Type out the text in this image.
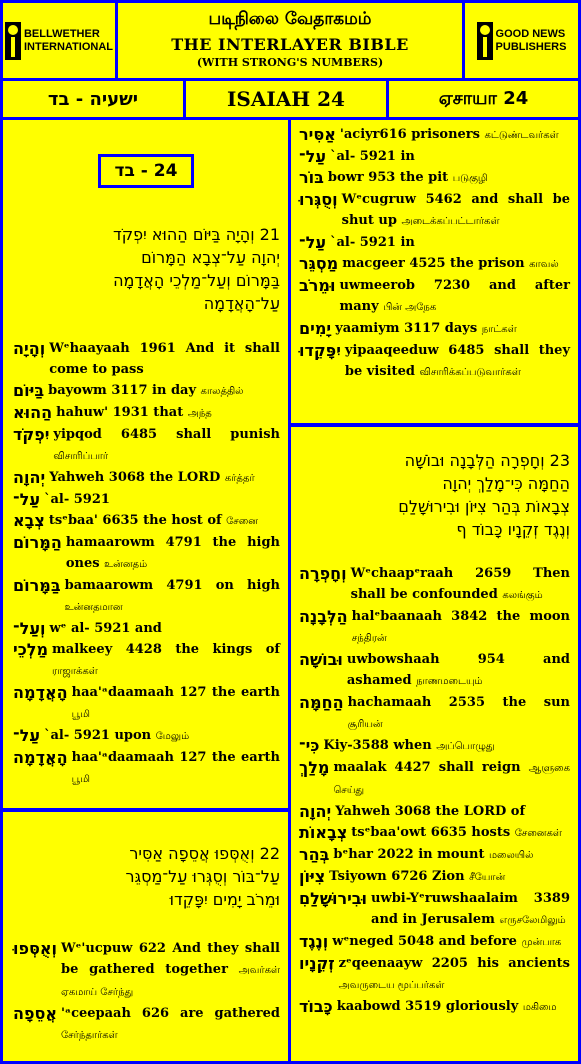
BELLWETHER
INTERNATIONAL
படிநிலை வேதாகமம்
THE INTERLAYER BIBLE
(WITH STRONG'S NUMBERS)
GOOD NEWS
PUBLISHERS
ישעיה - בד	ISAIAH 24	ஏசாயா 24
24 - בד
21 וְהָיָה בַּיּוֹם הַהוּא יִפְקֹד
יְהוָה עַל־צְבָא הַמָּרוֹם
בַּמָּרוֹם וְעַל־מַלְכֵי הָאֲדָמָה
עַל־הָאֲדָמָה
וְהָיָה Wᵉhaayaah 1961 And it shall come to pass
בַּיּוֹם bayowm 3117 in day காலத்தில்
הַהוּא hahuw' 1931 that அந்த
יִפְקֹד yipqod 6485 shall punish விசாரிப்பார்
יְהוָה Yahweh 3068 the LORD கர்த்தர்
עַל־ `al- 5921
צְבָא tsᵉbaa' 6635 the host of சேனை
הַמָּרוֹם hamaarowm 4791 the high ones உன்னதம்
בַּמָּרוֹם bamaarowm 4791 on high உன்னதமான
וְעַל־ wᵉ al- 5921 and
מַלְכֵי malkeey 4428 the kings of ராஜாக்கள்
הָאֲדָמָה haa'ᵃdaamaah 127 the earth பூமி
עַל־ `al- 5921 upon மேலும்
הָאֲדָמָה haa'ᵃdaamaah 127 the earth பூமி
22 וְאֻסְּפוּ אֲסֵפָה אַסִּיר
עַל־בּוֹר וְסֻגְּרוּ עַל־מַסְגֵּר
וּמֵרֹב יָמִים יִפָּקֵדוּ
וְאֻסְּפוּ Wᵉ'ucpuw 622 And they shall be gathered together அவர்கள் ஏகமாய் சேர்ந்து
אֲסֵפָה 'ᵃceepaah 626 are gathered சேர்ந்தார்கள்
אַסִּיר 'aciyr616 prisoners கட்டுண்டவர்கள்
עַל־ `al- 5921 in
בּוֹר bowr 953 the pit படுகுழி
וְסֻגְּרוּ Wᵉcugruw 5462 and shall be shut up அடைக்கப்பட்டார்கள்
עַל־ `al- 5921 in
מַסְגֵּר macgeer 4525 the prison காவல்
וּמֵרֹב uwmeerob 7230 and after many பின் அநேக
יָמִים yaamiym 3117 days நாட்கள்
יִפָּקֵדוּ yipaaqeeduw 6485 shall they be visited விசாரிக்கப்படுவார்கள்
23 וְחָפְרָה הַלְּבָנָה וּבוֹשָׁה
הַחַמָּה כִּי־מָלַךְ יְהוָה
צְבָאוֹת בְּהַר צִיּוֹן וּבִירוּשָׁלַםִ
וְנֶגֶד זְקֵנָיו כָּבוֹד ף
וְחָפְרָה Wᵉchaapᵉraah 2659 Then shall be confounded கலங்கும்
הַלְּבָנָה halᵉbaanaah 3842 the moon சந்திரன்
וּבוֹשָׁה uwbowshaah 954 and ashamed நாணமடையும்
הַחַמָּה hachamaah 2535 the sun சூரியன்
כִּי־ Kiy-3588 when அப்பொழுது
מָלַךְ maalak 4427 shall reign ஆளுகை செய்து
יְהוָה Yahweh 3068 the LORD of
צְבָאוֹת tsᵉbaa'owt 6635 hosts சேனைகள்
בְּהַר bᵉhar 2022 in mount மலையில்
צִיּוֹן Tsiyown 6726 Zion சீயோன்
וּבִירוּשָׁלַםִ uwbi-Yᵉruwshaalaim 3389 and in Jerusalem எருசலேமிலும்
וְנֶגֶד wᵉneged 5048 and before முன்பாக
זְקֵנָיו zᵉqeenaayw 2205 his ancients அவருடைய மூப்பர்கள்
כָּבוֹד kaabowd 3519 gloriously மகிமை
